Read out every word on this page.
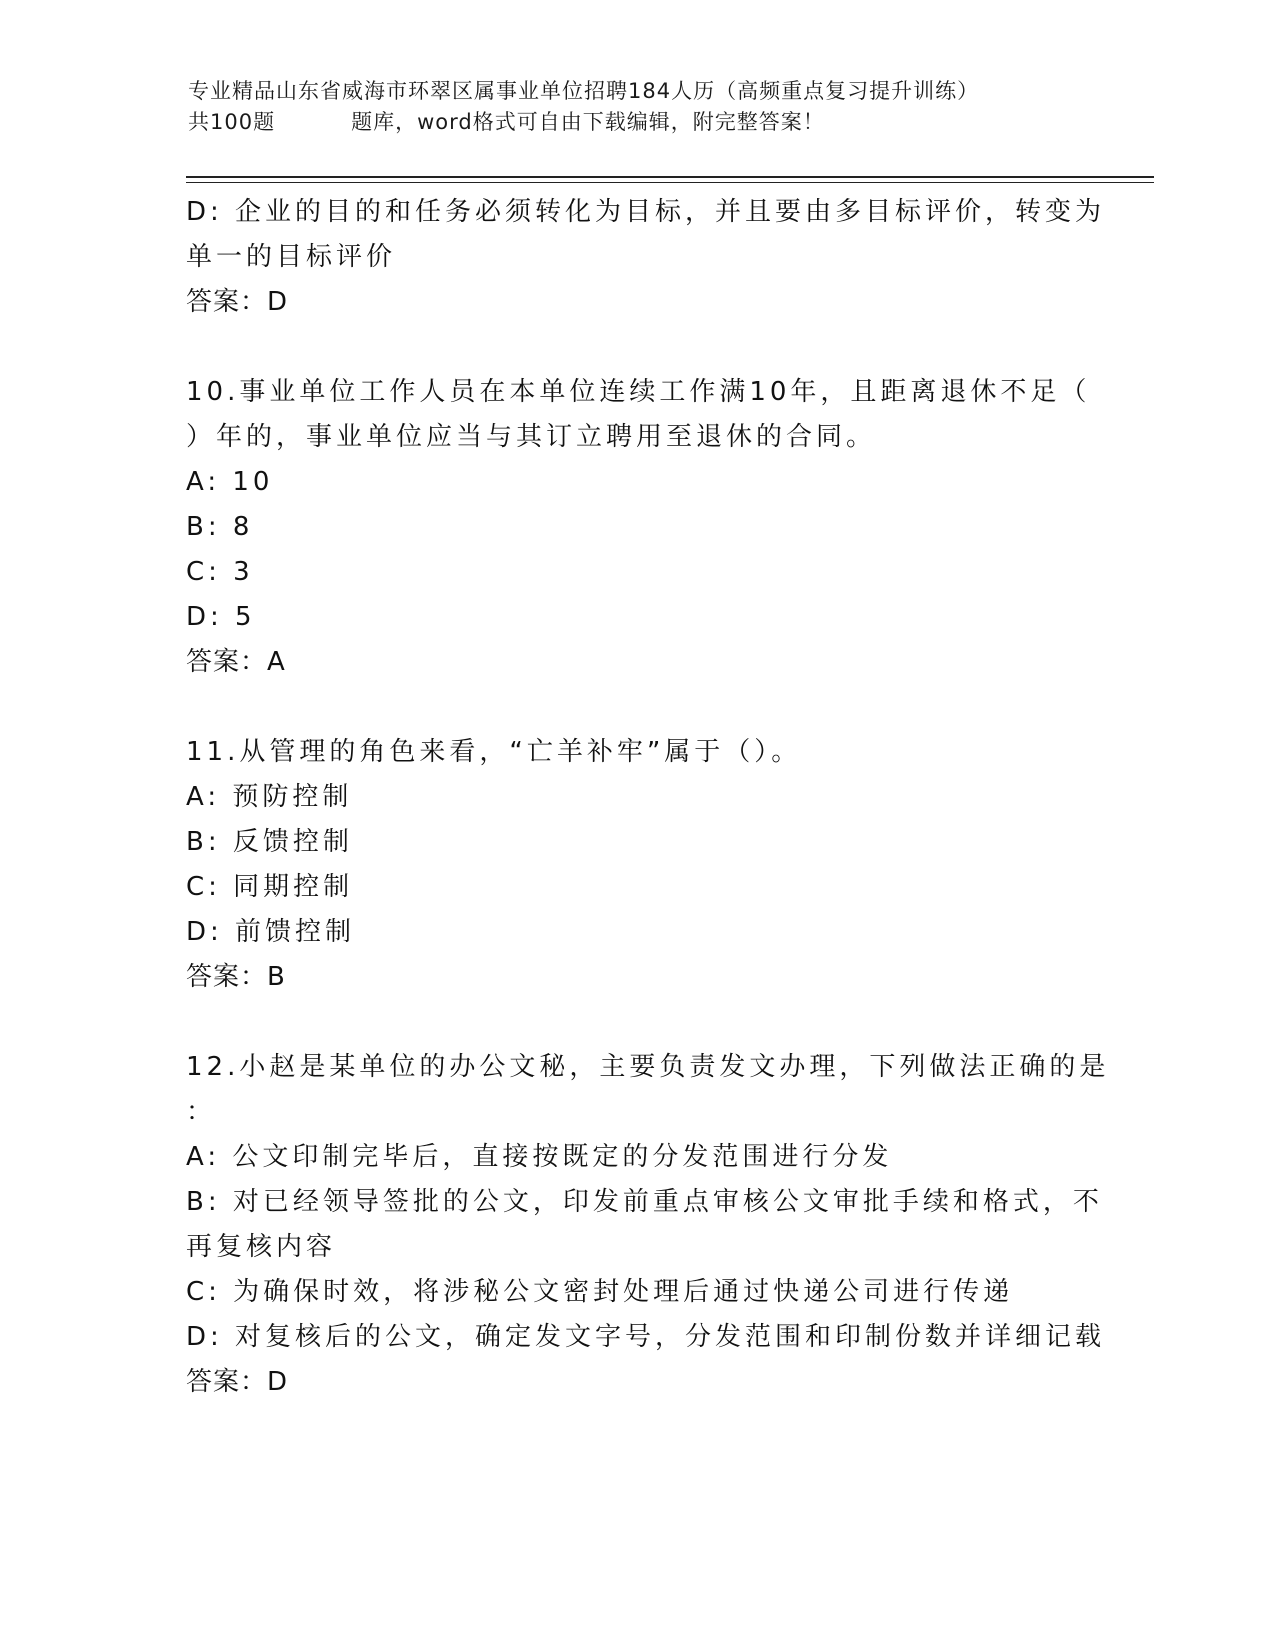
专业精品山东省威海市环翠区属事业单位招聘184人历（高频重点复习提升训练）
共100题	题库，word格式可自由下载编辑，附完整答案！
D: 企业的目的和任务必须转化为目标，并且要由多目标评价，转变为
单一的目标评价
答案：D
10.事业单位工作人员在本单位连续工作满10年，且距离退休不足（
）年的，事业单位应当与其订立聘用至退休的合同。
A: 10
B: 8
C: 3
D: 5
答案：A
11.从管理的角色来看，“亡羊补牢”属于（）。
A: 预防控制
B: 反馈控制
C: 同期控制
D: 前馈控制
答案：B
12.小赵是某单位的办公文秘，主要负责发文办理，下列做法正确的是
：
A: 公文印制完毕后，直接按既定的分发范围进行分发
B: 对已经领导签批的公文，印发前重点审核公文审批手续和格式，不
再复核内容
C: 为确保时效，将涉秘公文密封处理后通过快递公司进行传递
D: 对复核后的公文，确定发文字号，分发范围和印制份数并详细记载
答案：D
